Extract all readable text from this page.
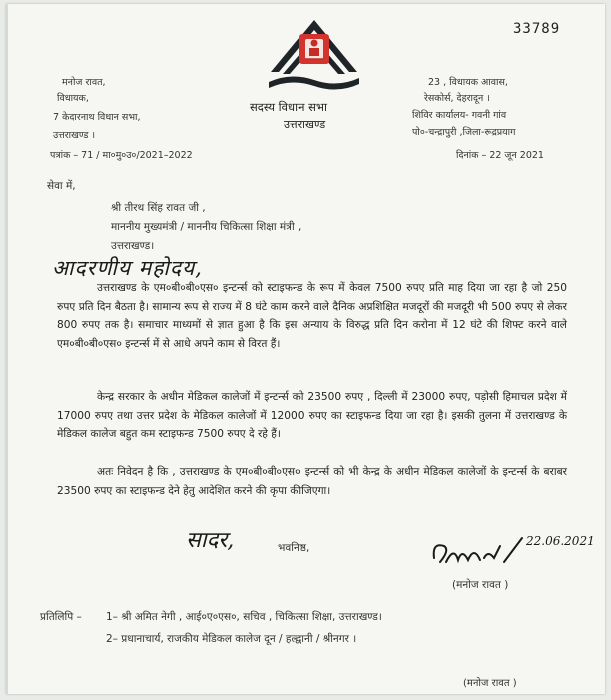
33789
सदस्य विधान सभा
उत्तराखण्ड
मनोज रावत,
विधायक,
7 केदारनाथ विधान सभा,
उत्तराखण्ड ।
23 , विधायक आवास,
रेसकोर्स, देहरादून ।
शिविर कार्यालय- गवनी गांव
पो०-चन्द्रापुरी ,जिला-रूद्रप्रयाग
पत्रांक – 71 / मा०मु०उ०/2021–2022	दिनांक – 22 जून 2021
सेवा में,
श्री तीरथ सिंह रावत जी ,
माननीय मुख्यमंत्री / माननीय चिकित्सा शिक्षा मंत्री ,
उत्तराखण्ड।
आदरणीय महोदय,
उत्तराखण्ड के एम०बी०बी०एस० इन्टर्न्स को स्टाइफन्ड के रूप में केवल 7500 रुपए प्रति माह दिया जा रहा है जो 250 रुपए प्रति दिन बैठता है। सामान्य रूप से राज्य में 8 घंटे काम करने वाले दैनिक अप्रशिक्षित मजदूरों की मजदूरी भी 500 रुपए से लेकर 800 रुपए तक है। समाचार माध्यमों से ज्ञात हुआ है कि इस अन्याय के विरुद्ध प्रति दिन करोना में 12 घंटे की शिफ्ट करने वाले एम०बी०बी०एस० इन्टर्न्स में से आधे अपने काम से विरत हैं।
केन्द्र सरकार के अधीन मेडिकल कालेजों में इन्टर्न्स को 23500 रुपए , दिल्ली में 23000 रुपए, पड़ोसी हिमाचल प्रदेश में 17000 रुपए तथा उत्तर प्रदेश के मेडिकल कालेजों में 12000 रुपए का स्टाइफन्ड दिया जा रहा है। इसकी तुलना में उत्तराखण्ड के मेडिकल कालेज बहुत कम स्टाइफन्ड 7500 रुपए दे रहे हैं।
अतः निवेदन है कि , उत्तराखण्ड के एम०बी०बी०एस० इन्टर्न्स को भी केन्द्र के अधीन मेडिकल कालेजों के इन्टर्न्स के बराबर 23500 रुपए का स्टाइफन्ड देने हेतु आदेशित करने की कृपा कीजिएगा।
सादर,	भवनिष्ठ,	22.06.2021
(मनोज रावत )
प्रतिलिपि – 1– श्री अमित नेगी , आई०ए०एस०, सचिव , चिकित्सा शिक्षा, उत्तराखण्ड।
2– प्रधानाचार्य, राजकीय मेडिकल कालेज दून / हल्द्वानी / श्रीनगर ।
(मनोज रावत )
